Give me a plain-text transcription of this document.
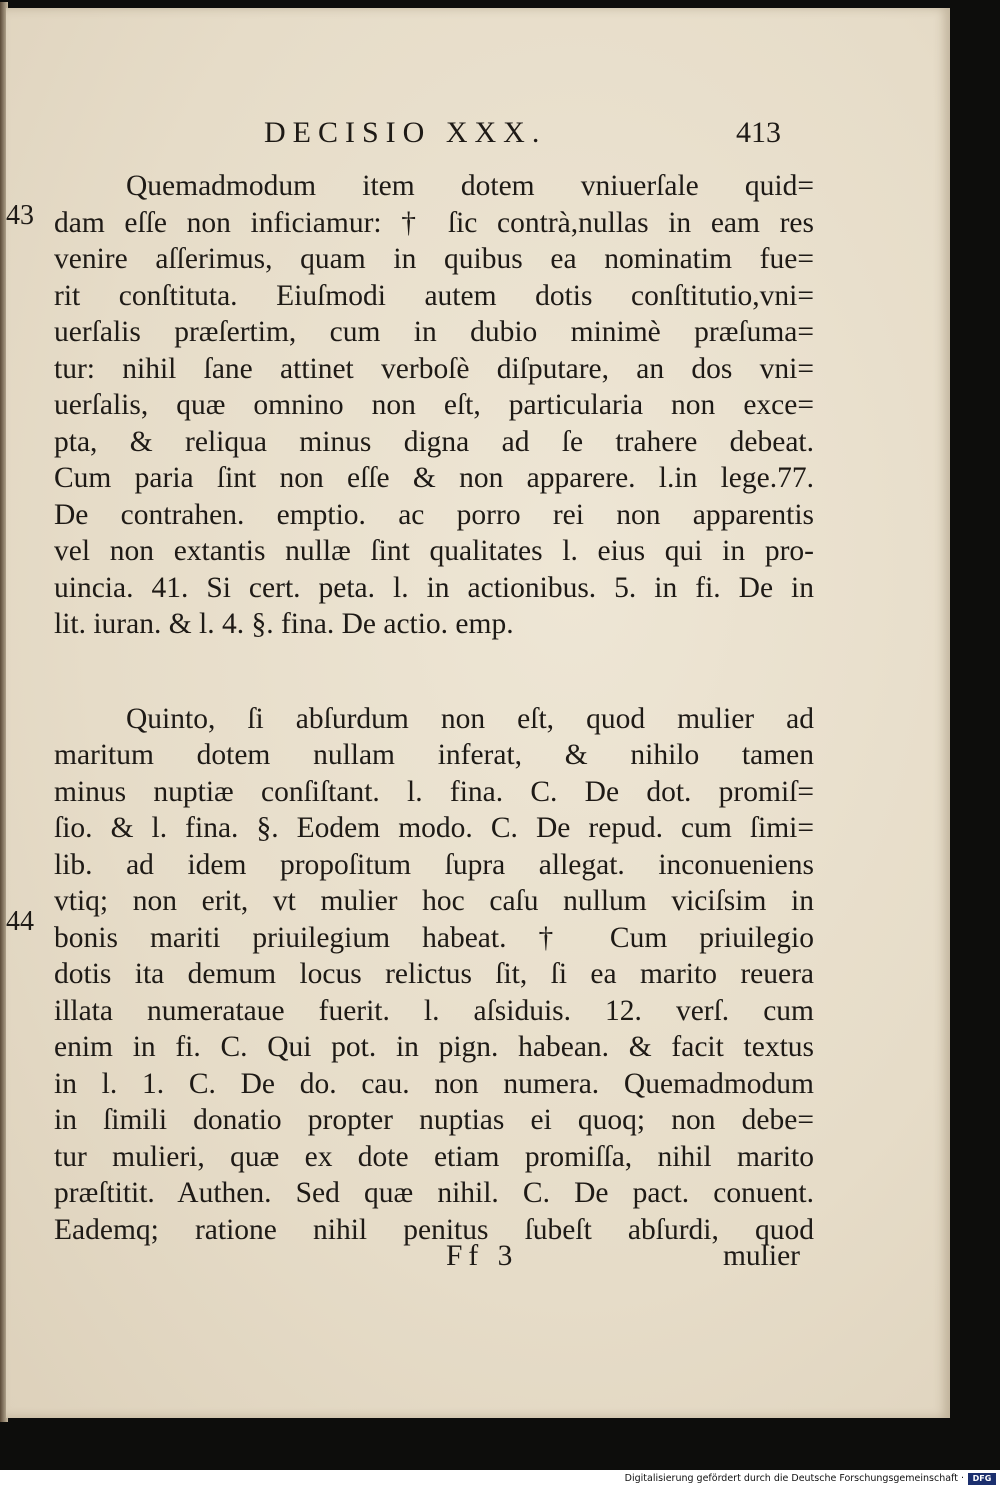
DECISIO XXX.	413
43
44
Quemadmodum item dotem vniuerſale quid=
dam eſſe non inficiamur: † ſic contrà,nullas in eam res
venire aſſerimus, quam in quibus ea nominatim fue=
rit conſtituta. Eiuſmodi autem dotis conſtitutio,vni=
uerſalis præſertim, cum in dubio minimè præſuma=
tur: nihil ſane attinet verboſè diſputare, an dos vni=
uerſalis, quæ omnino non eſt, particularia non exce=
pta, & reliqua minus digna ad ſe trahere debeat.
Cum paria ſint non eſſe & non apparere. l.in lege.77.
De contrahen. emptio. ac porro rei non apparentis
vel non extantis nullæ ſint qualitates l. eius qui in pro-
uincia. 41. Si cert. peta. l. in actionibus. 5. in fi. De in
lit. iuran. & l. 4. §. fina. De actio. emp.
Quinto, ſi abſurdum non eſt, quod mulier ad
maritum dotem nullam inferat, & nihilo tamen
minus nuptiæ conſiſtant. l. fina. C. De dot. promiſ=
ſio. & l. fina. §. Eodem modo. C. De repud. cum ſimi=
lib. ad idem propoſitum ſupra allegat. inconueniens
vtiq; non erit, vt mulier hoc caſu nullum viciſsim in
bonis mariti priuilegium habeat. † Cum priuilegio
dotis ita demum locus relictus ſit, ſi ea marito reuera
illata numerataue fuerit. l. aſsiduis. 12. verſ. cum
enim in fi. C. Qui pot. in pign. habean. & facit textus
in l. 1. C. De do. cau. non numera. Quemadmodum
in ſimili donatio propter nuptias ei quoq; non debe=
tur mulieri, quæ ex dote etiam promiſſa, nihil marito
præſtitit. Authen. Sed quæ nihil. C. De pact. conuent.
Eademq; ratione nihil penitus ſubeſt abſurdi, quod
Ff 3	mulier
Digitalisierung gefördert durch die Deutsche Forschungsgemeinschaft ·	DFG
